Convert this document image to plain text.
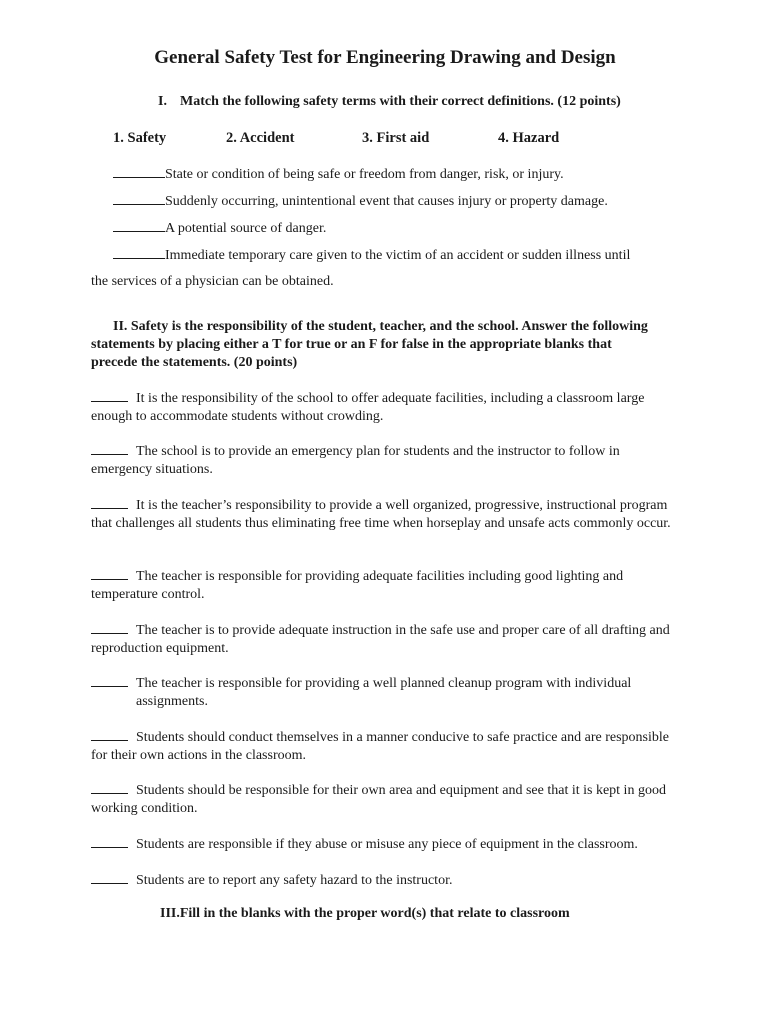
General Safety Test for Engineering Drawing and Design
I. Match the following safety terms with their correct definitions. (12 points)
1. Safety	2. Accident	3. First aid	4. Hazard
State or condition of being safe or freedom from danger, risk, or injury.
Suddenly occurring, unintentional event that causes injury or property damage.
A potential source of danger.
Immediate temporary care given to the victim of an accident or sudden illness until
the services of a physician can be obtained.
II. Safety is the responsibility of the student, teacher, and the school. Answer the following statements by placing either a T for true or an F for false in the appropriate blanks that precede the statements. (20 points)
It is the responsibility of the school to offer adequate facilities, including a classroom large enough to accommodate students without crowding.
The school is to provide an emergency plan for students and the instructor to follow in emergency situations.
It is the teacher’s responsibility to provide a well organized, progressive, instructional program that challenges all students thus eliminating free time when horseplay and unsafe acts commonly occur.
The teacher is responsible for providing adequate facilities including good lighting and temperature control.
The teacher is to provide adequate instruction in the safe use and proper care of all drafting and reproduction equipment.
The teacher is responsible for providing a well planned cleanup program with individual assignments.
Students should conduct themselves in a manner conducive to safe practice and are responsible for their own actions in the classroom.
Students should be responsible for their own area and equipment and see that it is kept in good working condition.
Students are responsible if they abuse or misuse any piece of equipment in the classroom.
Students are to report any safety hazard to the instructor.
III.Fill in the blanks with the proper word(s) that relate to classroom
